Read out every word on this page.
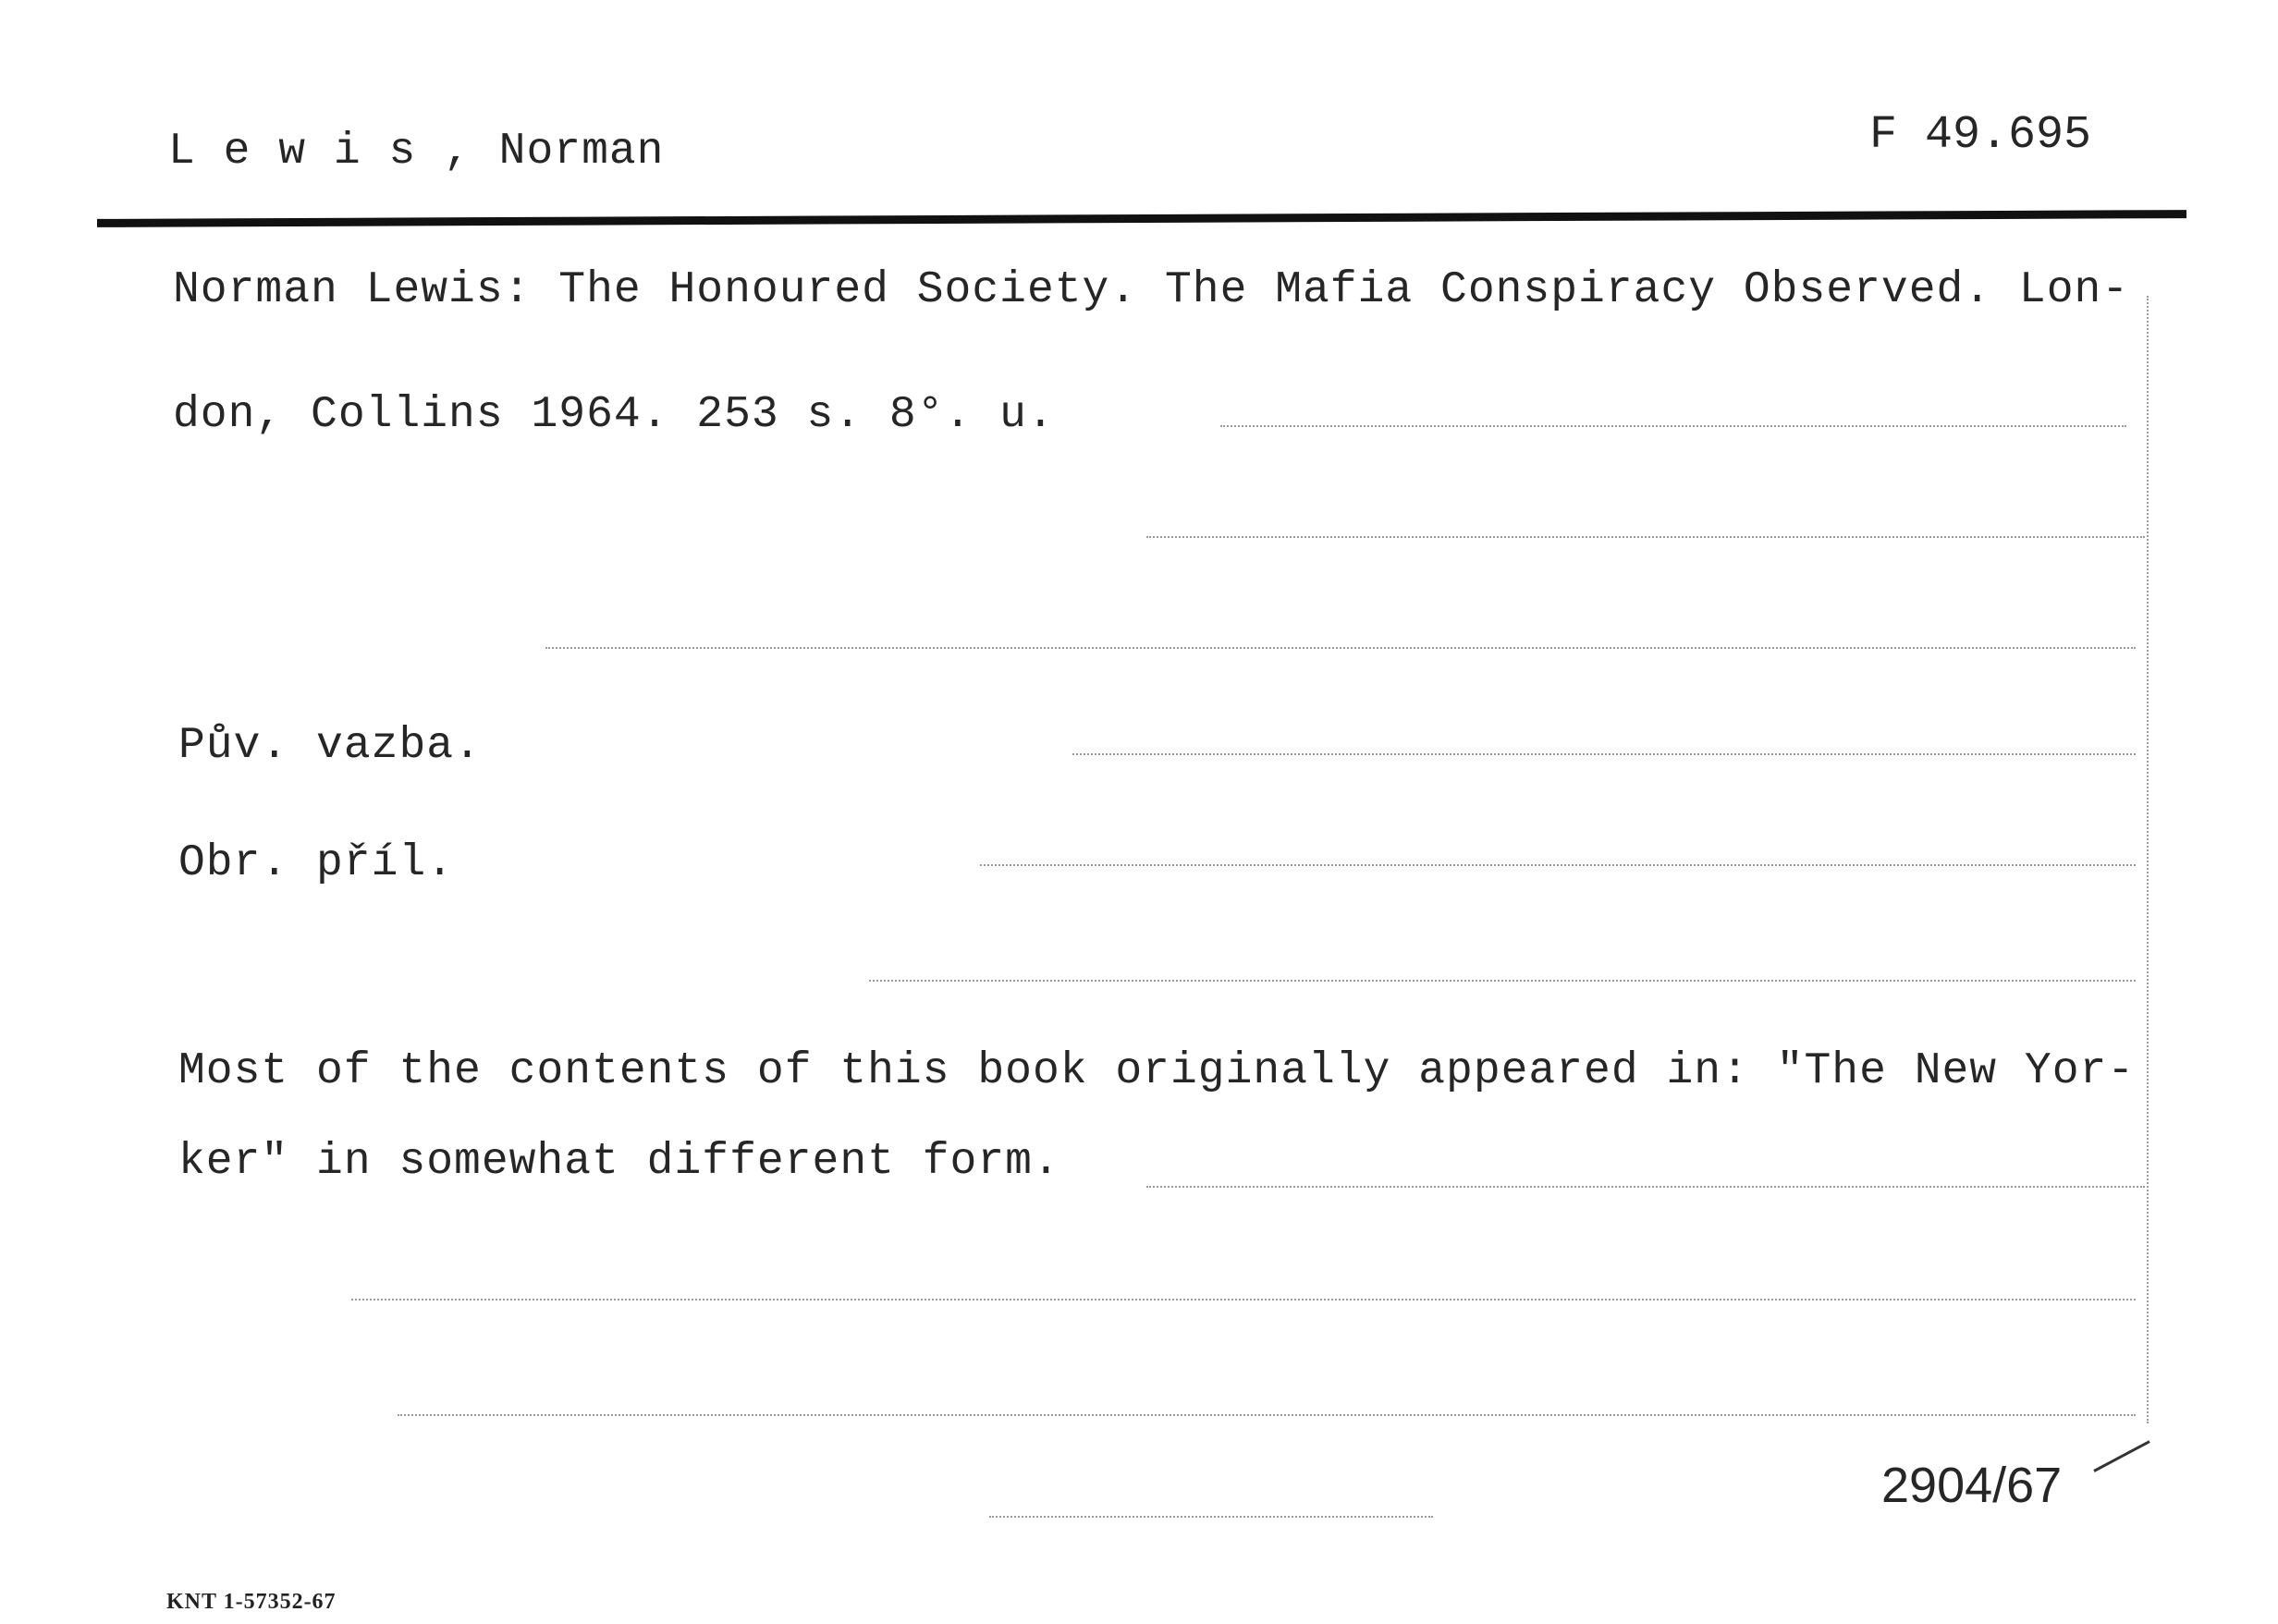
L e w i s , Norman	F 49.695
Norman Lewis: The Honoured Society. The Mafia Conspiracy Observed. Lon-
don, Collins 1964. 253 s. 8°. u.
Pův. vazba.
Obr. příl.
Most of the contents of this book originally appeared in: "The New Yor-
ker" in somewhat different form.
2904/67
KNT 1-57352-67
